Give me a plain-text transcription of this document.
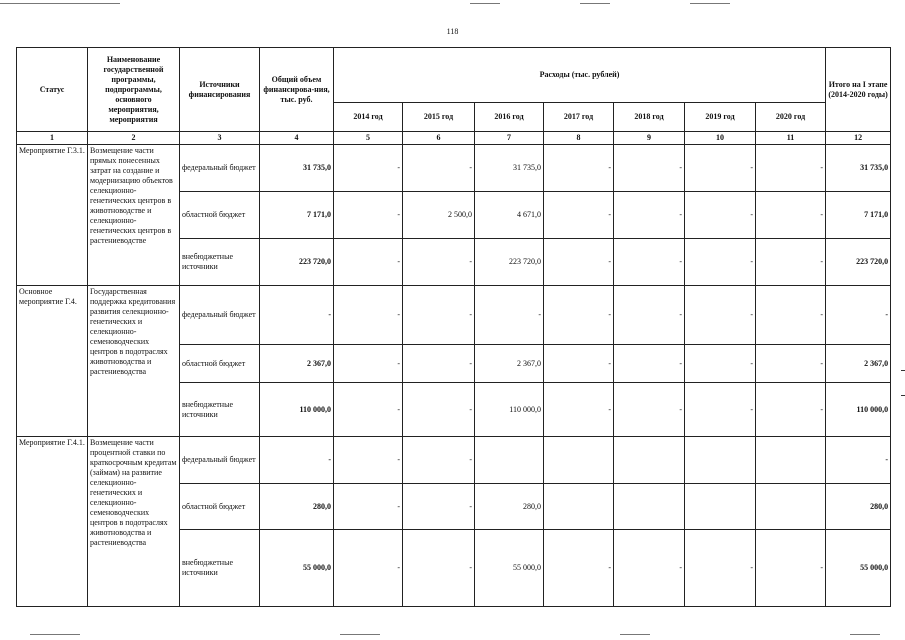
118
Статус	Наименование государственной программы, подпрограммы, основного мероприятия, мероприятия	Источники финансирования	Общий объем финансирова-ния, тыс. руб.	Расходы (тыс. рублей)							Итого на I этапе (2014-2020 годы)
				2014 год	2015 год	2016 год	2017 год	2018 год	2019 год	2020 год	
1	2	3	4	5	6	7	8	9	10	11	12
Мероприятие Г.3.1.	Возмещение части прямых понесенных затрат на создание и модернизацию объектов селекционно-генетических центров в животноводстве и селекционно-генетических центров в растениеводстве	федеральный бюджет	31 735,0	-	-	31 735,0	-	-	-	-	31 735,0
		областной бюджет	7 171,0	-	2 500,0	4 671,0	-	-	-	-	7 171,0
		внебюджетные источники	223 720,0	-	-	223 720,0	-	-	-	-	223 720,0
Основное мероприятие Г.4.	Государственная поддержка кредитования развития селекционно-генетических и селекционно-семеноводческих центров в подотраслях животноводства и растениеводства	федеральный бюджет	-	-	-	-	-	-	-	-	-
		областной бюджет	2 367,0	-	-	2 367,0	-	-	-	-	2 367,0
		внебюджетные источники	110 000,0	-	-	110 000,0	-	-	-	-	110 000,0
Мероприятие Г.4.1.	Возмещение части процентной ставки по краткосрочным кредитам (займам) на развитие селекционно-генетических и селекционно-семеноводческих центров в подотраслях животноводства и растениеводства	федеральный бюджет	-	-	-						-
		областной бюджет	280,0	-	-	280,0					280,0
		внебюджетные источники	55 000,0	-	-	55 000,0	-	-	-	-	55 000,0
